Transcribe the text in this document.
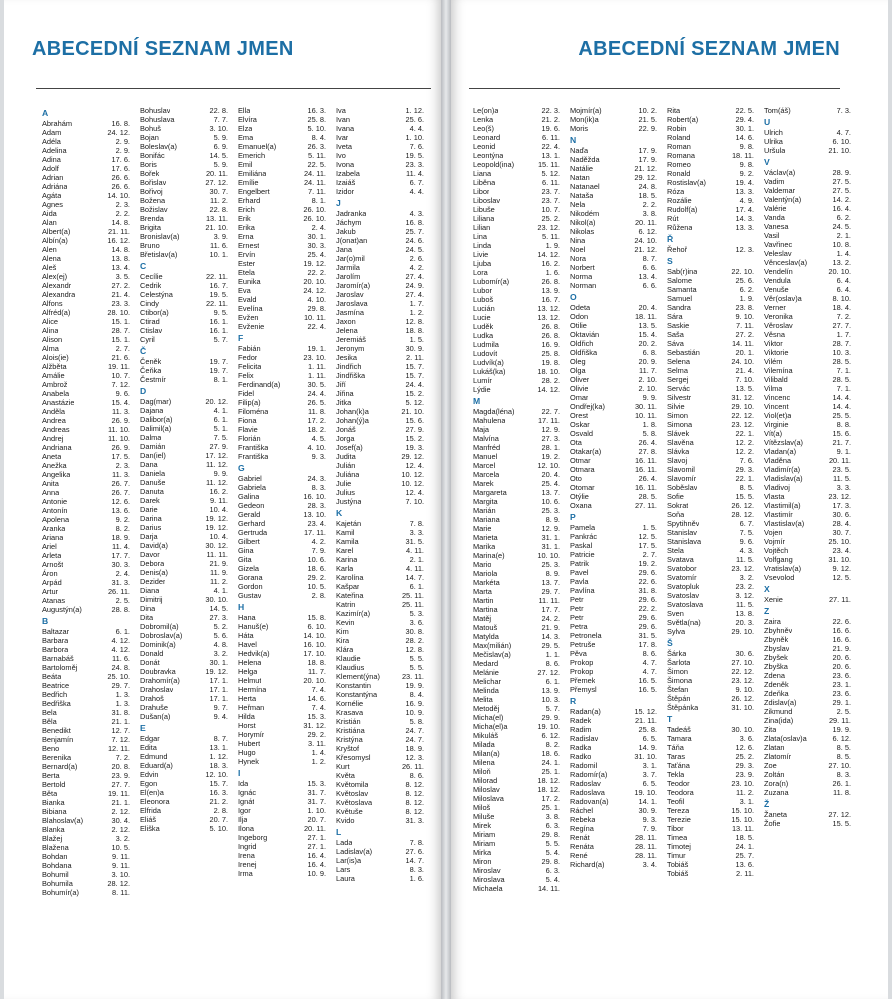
ABECEDNÍ SEZNAM JMEN
A
Abrahám	16. 8.
Adam	24. 12.
Adéla	2. 9.
Adelina	2. 9.
Adina	17. 6.
Adolf	17. 6.
Adrian	26. 6.
Adriána	26. 6.
Agáta	14. 10.
Agnes	2. 3.
Aida	2. 2.
Alan	14. 8.
Albert(a)	21. 11.
Albín(a)	16. 12.
Alen	14. 8.
Alena	13. 8.
Aleš	13. 4.
Alex(ej)	3. 5.
Alexandr	27. 2.
Alexandra	21. 4.
Alfons	23. 3.
Alfréd(a)	28. 10.
Alice	15. 1.
Alina	28. 7.
Alison	15. 1.
Alma	2. 7.
Alois(ie)	21. 6.
Alžběta	19. 11.
Amálie	10. 7.
Ambrož	7. 12.
Anabela	9. 6.
Anastázie	15. 4.
Anděla	11. 3.
Andrea	26. 9.
Andreas	11. 10.
Andrej	11. 10.
Andriana	26. 9.
Aneta	17. 5.
Anežka	2. 3.
Angelika	11. 3.
Anita	26. 7.
Anna	26. 7.
Antonie	12. 6.
Antonín	13. 6.
Apolena	9. 2.
Aranka	8. 2.
Ariana	18. 9.
Ariel	11. 4.
Arleta	17. 7.
Arnošt	30. 3.
Áron	2. 4.
Arpád	31. 3.
Artur	26. 11.
Atanas	2. 5.
Augustýn(a)	28. 8.
B
Baltazar	6. 1.
Barbara	4. 12.
Barbora	4. 12.
Barnabáš	11. 6.
Bartoloměj	24. 8.
Beáta	25. 10.
Beatrice	29. 7.
Bedřich	1. 3.
Bedřiška	1. 3.
Bela	31. 8.
Běla	21. 1.
Benedikt	12. 7.
Benjamín	7. 12.
Beno	12. 11.
Berenika	7. 2.
Bernard(a)	20. 8.
Berta	23. 9.
Bertold	27. 7.
Běta	19. 11.
Bianka	21. 1.
Bibiana	2. 12.
Blahoslav(a)	30. 4.
Blanka	2. 12.
Blažej	3. 2.
Blažena	10. 5.
Bohdan	9. 11.
Bohdana	9. 11.
Bohumil	3. 10.
Bohumila	28. 12.
Bohumír(a)	8. 11.
Bohuslav	22. 8.
Bohuslava	7. 7.
Bohuš	3. 10.
Bojan	5. 9.
Boleslav(a)	6. 9.
Bonifác	14. 5.
Boris	5. 9.
Bořek	20. 11.
Bořislav	27. 12.
Bořivoj	30. 7.
Božena	11. 2.
Božislav	22. 8.
Brenda	13. 11.
Brigita	21. 10.
Bronislav(a)	3. 9.
Bruno	11. 6.
Břetislav(a)	10. 1.
C
Cecílie	22. 11.
Cedrik	16. 7.
Celestýna	19. 5.
Cindy	22. 11.
Ctibor(a)	9. 5.
Ctirad	16. 1.
Ctislav	16. 1.
Cyril	5. 7.
Č
Čeněk	19. 7.
Čeňka	19. 7.
Čestmír	8. 1.
D
Dag(mar)	20. 12.
Dajana	4. 1.
Dalibor(a)	6. 1.
Dalimil(a)	5. 1.
Dalma	7. 5.
Damián	27. 9.
Dan(iel)	17. 12.
Dana	11. 12.
Daniela	9. 9.
Danuše	11. 12.
Danuta	16. 2.
Darek	9. 11.
Darie	10. 4.
Darina	19. 12.
Darius	19. 12.
Darja	10. 4.
David(a)	30. 12.
Davor	11. 11.
Debora	21. 9.
Denis(a)	11. 9.
Dezider	11. 2.
Diana	4. 1.
Dimitrij	30. 10.
Dina	14. 5.
Dita	27. 3.
Dobromil(a)	5. 2.
Dobroslav(a)	5. 6.
Dominik(a)	4. 8.
Donald	3. 2.
Donát	30. 1.
Doubravka	19. 12.
Drahomír(a)	17. 1.
Drahoslav	17. 1.
Drahoš	17. 1.
Drahuše	9. 7.
Dušan(a)	9. 4.
E
Edgar	8. 7.
Edita	13. 1.
Edmund	1. 12.
Eduard(a)	18. 3.
Edvin	12. 10.
Egon	15. 7.
El(en)a	16. 3.
Eleonora	21. 2.
Elfrida	2. 8.
Eliáš	20. 7.
Eliška	5. 10.
Ella	16. 3.
Elvíra	25. 8.
Elza	5. 10.
Ema	8. 4.
Emanuel(a)	26. 3.
Emerich	5. 11.
Emil	22. 5.
Emiliána	24. 11.
Emílie	24. 11.
Engelbert	7. 11.
Erhard	8. 1.
Erich	26. 10.
Erik	26. 10.
Erika	2. 4.
Erna	30. 1.
Ernest	30. 3.
Ervín	25. 4.
Ester	19. 12.
Etela	22. 2.
Eunika	20. 10.
Eva	24. 12.
Evald	4. 10.
Evelína	29. 8.
Evžen	10. 11.
Evženie	22. 4.
F
Fabián	19. 1.
Fedor	23. 10.
Felicita	1. 11.
Felix	1. 11.
Ferdinand(a)	30. 5.
Fidel	24. 4.
Filip(a)	26. 5.
Filoména	11. 8.
Fiona	17. 2.
Flavie	18. 2.
Florián	4. 5.
Františka	4. 10.
Františka	9. 3.
G
Gabriel	24. 3.
Gabriela	8. 3.
Galina	16. 10.
Gedeon	28. 3.
Gerald	13. 10.
Gerhard	23. 4.
Gertruda	17. 11.
Gilbert	4. 2.
Gina	7. 9.
Gita	10. 6.
Gizela	18. 6.
Gorana	29. 2.
Gordon	10. 5.
Gustav	2. 8.
H
Hana	15. 8.
Hanuš(e)	6. 10.
Háta	14. 10.
Havel	16. 10.
Hedvik(a)	17. 10.
Helena	18. 8.
Helga	11. 7.
Helmut	20. 10.
Hermína	7. 4.
Herta	14. 6.
Heřman	7. 4.
Hilda	15. 3.
Horst	31. 12.
Horymír	29. 2.
Hubert	3. 11.
Hugo	1. 4.
Hynek	1. 2.
I
Ida	15. 3.
Ignác	31. 7.
Ignát	31. 7.
Igor	1. 10.
Ilja	20. 7.
Ilona	20. 11.
Ingeborg	27. 1.
Ingrid	27. 1.
Irena	16. 4.
Irenej	16. 4.
Irma	10. 9.
Iva	1. 12.
Ivan	25. 6.
Ivana	4. 4.
Ivar	1. 10.
Iveta	7. 6.
Ivo	19. 5.
Ivona	23. 3.
Izabela	11. 4.
Izaiáš	6. 7.
Izidor	4. 4.
J
Jadranka	4. 3.
Jáchym	16. 8.
Jakub	25. 7.
J(onat)an	24. 6.
Jana	24. 5.
Jar(o)mil	2. 6.
Jarmila	4. 2.
Jarolím	27. 4.
Jaromír(a)	24. 9.
Jaroslav	27. 4.
Jaroslava	1. 7.
Jasmína	1. 2.
Jaxon	12. 8.
Jelena	18. 8.
Jeremiáš	1. 5.
Jeronym	30. 9.
Jesika	2. 11.
Jindřich	15. 7.
Jindřiška	15. 7.
Jiří	24. 4.
Jiřina	15. 2.
Jitka	5. 12.
Johan(k)a	21. 10.
Johan(ý)a	15. 6.
Jonáš	27. 9.
Jorga	15. 2.
Josef(a)	19. 3.
Judita	29. 12.
Julián	12. 4.
Juliána	10. 12.
Julie	10. 12.
Julius	12. 4.
Justýna	7. 10.
K
Kajetán	7. 8.
Kamil	3. 3.
Kamila	31. 5.
Karel	4. 11.
Karina	2. 1.
Karla	4. 11.
Karolína	14. 7.
Kašpar	6. 1.
Kateřina	25. 11.
Katrin	25. 11.
Kazimír(a)	5. 3.
Kevin	3. 6.
Kim	30. 8.
Kira	28. 2.
Klára	12. 8.
Klaudie	5. 5.
Klaudius	5. 5.
Klement(ýna)	23. 11.
Konstantin	19. 9.
Konstantýna	8. 4.
Kornélie	16. 9.
Krasava	10. 9.
Kristián	5. 8.
Kristiána	24. 7.
Kristýna	24. 7.
Kryštof	18. 9.
Křesomysl	12. 3.
Kurt	26. 11.
Květa	8. 6.
Květomila	8. 12.
Květoslav	8. 12.
Květoslava	8. 12.
Květuše	8. 12.
Kvido	31. 3.
L
Lada	7. 8.
Ladislav(a)	27. 6.
Lar(is)a	14. 7.
Lars	8. 3.
Laura	1. 6.
ABECEDNÍ SEZNAM JMEN
Le(on)a	22. 3.
Lenka	21. 2.
Leo(š)	19. 6.
Leonard	6. 11.
Leonid	22. 4.
Leontýna	13. 1.
Leopold(ina)	15. 11.
Liana	5. 12.
Liběna	6. 11.
Libor	23. 7.
Liboslav	23. 7.
Libuše	10. 7.
Liliana	25. 2.
Lilian	23. 12.
Lina	5. 11.
Linda	1. 9.
Livie	14. 12.
Ljuba	16. 2.
Lora	1. 6.
Lubomír(a)	26. 8.
Lubor	13. 9.
Luboš	16. 7.
Lucián	13. 12.
Lucie	13. 12.
Luděk	26. 8.
Ludka	26. 8.
Ludmila	16. 9.
Ludovít	25. 8.
Ludvík(a)	19. 8.
Lukáš(ka)	18. 10.
Lumír	28. 2.
Lýdie	14. 12.
M
Magda(léna)	22. 7.
Mahulena	17. 11.
Maja	12. 9.
Malvína	27. 3.
Manfréd	28. 1.
Manuel	19. 2.
Marcel	12. 10.
Marcela	20. 4.
Marek	25. 4.
Margareta	13. 7.
Margita	10. 6.
Marián	25. 3.
Mariana	8. 9.
Marie	12. 9.
Marieta	31. 1.
Marika	31. 1.
Marina(e)	10. 10.
Mario	25. 3.
Mariola	8. 9.
Markéta	13. 7.
Marta	29. 7.
Martin	11. 11.
Martina	17. 7.
Matěj	24. 2.
Matouš	21. 9.
Matylda	14. 3.
Max(milián)	29. 5.
Mečislav(a)	1. 1.
Medard	8. 6.
Melánie	27. 12.
Melichar	6. 1.
Melinda	13. 9.
Melita	10. 3.
Metoděj	5. 7.
Micha(el)	29. 9.
Micha(el)a	19. 10.
Mikuláš	6. 12.
Milada	8. 2.
Milan(a)	18. 6.
Milena	24. 1.
Miloň	25. 1.
Milorad	18. 12.
Miloslav	18. 12.
Miloslava	17. 2.
Miloš	25. 1.
Miluše	3. 8.
Mirek	6. 3.
Miriam	29. 8.
Miriam	5. 5.
Mirka	5. 4.
Miron	29. 8.
Miroslav	6. 3.
Miroslava	5. 4.
Michaela	14. 11.
Mojmír(a)	10. 2.
Mon(ik)a	21. 5.
Moris	22. 9.
N
Naďa	17. 9.
Naděžda	17. 9.
Natálie	21. 12.
Natan	29. 12.
Natanael	24. 8.
Nataša	18. 5.
Nela	2. 2.
Nikodém	3. 8.
Nikol(a)	20. 11.
Nikolas	6. 12.
Nina	24. 10.
Noel	21. 12.
Nora	8. 7.
Norbert	6. 6.
Norma	13. 4.
Norman	6. 6.
O
Odeta	20. 4.
Odon	18. 11.
Otilie	13. 5.
Oktavián	15. 4.
Oldřich	20. 2.
Oldřiška	6. 8.
Oleg	20. 9.
Olga	11. 7.
Oliver	2. 10.
Olivie	2. 10.
Omar	9. 9.
Ondřej(ka)	30. 11.
Orest	10. 11.
Oskar	1. 8.
Osvald	5. 8.
Ota	26. 4.
Otakar(a)	27. 8.
Otmar	16. 11.
Otmara	16. 11.
Oto	26. 4.
Otomar	16. 11.
Otýlie	28. 5.
Oxana	27. 11.
P
Pamela	1. 5.
Pankrác	12. 5.
Paskal	17. 5.
Patricie	2. 7.
Patrik	19. 2.
Pavel	29. 6.
Pavla	22. 6.
Pavlína	31. 8.
Petr	29. 6.
Petr	22. 2.
Petr	29. 6.
Petra	29. 6.
Petronela	31. 5.
Petruše	17. 8.
Pěva	8. 6.
Prokop	4. 7.
Prokop	4. 7.
Přemek	16. 5.
Přemysl	16. 5.
R
Radan(a)	15. 12.
Radek	21. 11.
Radim	25. 8.
Radislav	6. 5.
Radka	14. 9.
Radko	31. 10.
Radomil	3. 1.
Radomír(a)	3. 7.
Radoslav	6. 5.
Radoslava	19. 10.
Radovan(a)	14. 1.
Ráchel	30. 9.
Rebeka	9. 3.
Regína	7. 9.
Renát	28. 11.
Renáta	28. 11.
René	28. 11.
Richard(a)	3. 4.
Rita	22. 5.
Robert(a)	29. 4.
Robin	30. 1.
Roland	14. 6.
Roman	9. 8.
Romana	18. 11.
Romeo	9. 8.
Ronald	9. 2.
Rostislav(a)	19. 4.
Róza	13. 3.
Rozálie	4. 9.
Rudolf(a)	17. 4.
Rút	14. 3.
Růžena	13. 3.
Ř
Řehoř	12. 3.
S
Sab(r)ina	22. 10.
Salome	25. 6.
Samanta	6. 2.
Samuel	1. 9.
Sandra	23. 8.
Sára	9. 10.
Saskie	7. 11.
Saša	27. 2.
Sáva	14. 11.
Sebastián	20. 1.
Selena	24. 10.
Selma	21. 4.
Sergej	7. 10.
Servác	13. 5.
Silvestr	31. 12.
Silvie	29. 10.
Simon	22. 12.
Simona	23. 12.
Slávek	22. 1.
Slavěna	12. 2.
Slávka	12. 2.
Slavoj	7. 6.
Slavomil	29. 3.
Slavomír	22. 1.
Soběslav	8. 5.
Sofie	15. 5.
Sokrat	26. 12.
Soňa	28. 12.
Spytihněv	6. 7.
Stanislav	7. 5.
Stanislava	9. 6.
Stela	4. 3.
Svatava	11. 5.
Svatobor	23. 12.
Svatomír	3. 2.
Svatopluk	23. 2.
Svatoslav	3. 12.
Svatoslava	11. 5.
Sven	13. 8.
Světla(na)	20. 3.
Sylva	29. 10.
Š
Šárka	30. 6.
Šarlota	27. 10.
Šimon	22. 12.
Šimona	23. 12.
Štefan	9. 10.
Štěpán	26. 12.
Štěpánka	31. 10.
T
Tadeáš	30. 10.
Tamara	3. 6.
Táňa	12. 6.
Taras	25. 2.
Taťána	29. 3.
Tekla	23. 9.
Teodor	23. 10.
Teodora	11. 2.
Teofil	3. 1.
Tereza	15. 10.
Terezie	15. 10.
Tibor	13. 11.
Timea	18. 5.
Timotej	24. 1.
Timur	25. 7.
Tobiáš	13. 6.
Tobiáš	2. 11.
Tom(áš)	7. 3.
U
Ulrich	4. 7.
Ulrika	6. 10.
Uršula	21. 10.
V
Václav(a)	28. 9.
Vadim	27. 5.
Valdemar	27. 5.
Valentýn(a)	14. 2.
Valérie	16. 4.
Vanda	6. 2.
Vanesa	24. 5.
Vasil	2. 1.
Vavřinec	10. 8.
Veleslav	1. 4.
Věnceslav(a)	13. 2.
Vendelín	20. 10.
Vendula	6. 4.
Venuše	6. 4.
Věr(oslav)a	8. 10.
Verner	18. 4.
Veronika	7. 2.
Věroslav	27. 7.
Věsna	1. 7.
Viktor	28. 7.
Viktorie	10. 3.
Vilém	28. 5.
Vilemína	7. 1.
Vilibald	28. 5.
Vilma	7. 1.
Vincenc	14. 4.
Vincent	14. 4.
Viol(et)a	25. 5.
Virginie	8. 8.
Vít(a)	15. 6.
Vítězslav(a)	21. 7.
Vladan(a)	9. 1.
Vladěna	20. 11.
Vladimír(a)	23. 5.
Vladislav(a)	11. 5.
Vladivoj	3. 3.
Vlasta	23. 12.
Vlastimil(a)	17. 3.
Vlastimír	30. 6.
Vlastislav(a)	28. 4.
Vojen	30. 7.
Vojmír	25. 10.
Vojtěch	23. 4.
Volfgang	31. 10.
Vratislav(a)	9. 12.
Vsevolod	12. 5.
X
Xenie	27. 11.
Z
Zaira	22. 6.
Zbyhněv	16. 6.
Zbyněk	16. 6.
Zbyslav	21. 9.
Zbyšek	20. 6.
Zbyška	20. 6.
Zdena	23. 6.
Zdeněk	23. 1.
Zdeňka	23. 6.
Zdislav(a)	29. 1.
Zikmund	2. 5.
Zina(ida)	29. 11.
Zita	19. 9.
Zlata(oslav)a	6. 12.
Zlatan	8. 5.
Zlatomír	8. 5.
Zoe	27. 10.
Zoltán	8. 3.
Zora(n)	26. 1.
Zuzana	11. 8.
Ž
Žaneta	27. 12.
Žofie	15. 5.
